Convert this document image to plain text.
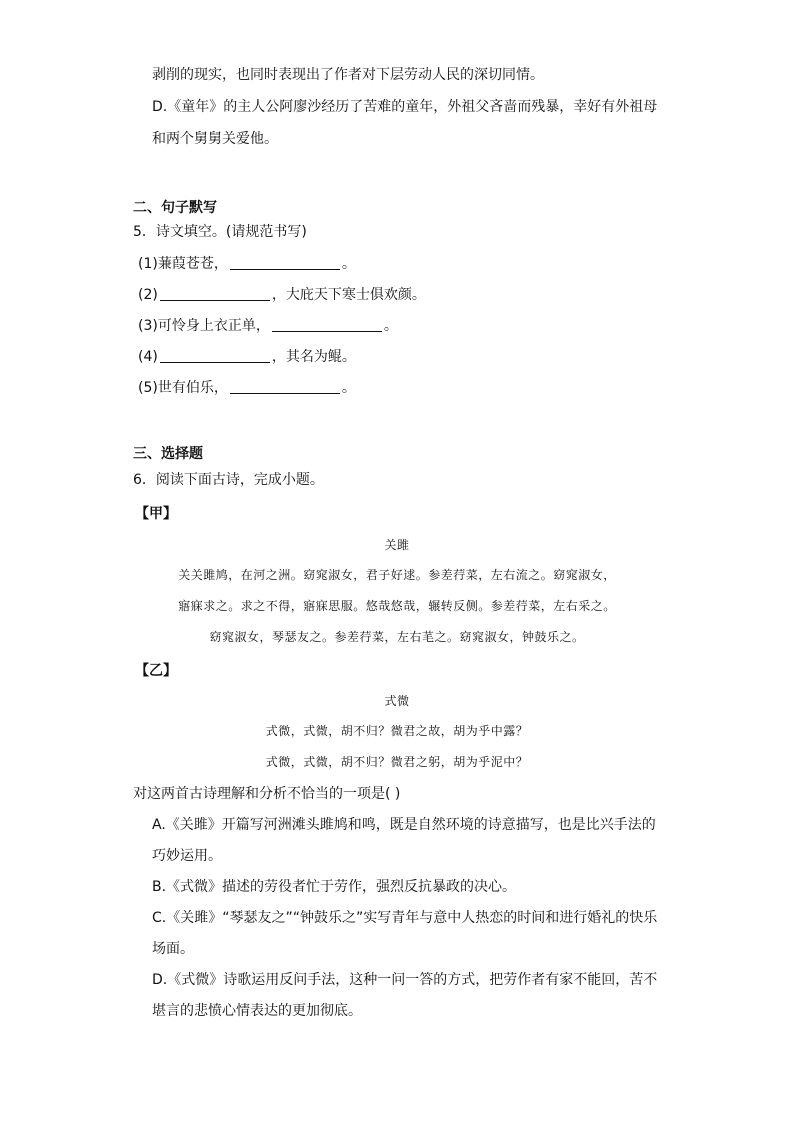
剥削的现实，也同时表现出了作者对下层劳动人民的深切同情。
D.《童年》的主人公阿廖沙经历了苦难的童年，外祖父吝啬而残暴，幸好有外祖母
和两个舅舅关爱他。
二、句子默写
5．诗文填空。(请规范书写)
(1)蒹葭苍苍，	。
(2)	，大庇天下寒士俱欢颜。
(3)可怜身上衣正单，	。
(4)	，其名为鲲。
(5)世有伯乐，	。
三、选择题
6．阅读下面古诗，完成小题。
【甲】
关雎
关关雎鸠，在河之洲。窈窕淑女，君子好逑。参差荇菜，左右流之。窈窕淑女，
寤寐求之。求之不得，寤寐思服。悠哉悠哉，辗转反侧。参差荇菜，左右采之。
窈窕淑女，琴瑟友之。参差荇菜，左右芼之。窈窕淑女，钟鼓乐之。
【乙】
式微
式微，式微，胡不归？微君之故，胡为乎中露？
式微，式微，胡不归？微君之躬，胡为乎泥中？
对这两首古诗理解和分析不恰当的一项是( )
A.《关雎》开篇写河洲滩头雎鸠和鸣，既是自然环境的诗意描写，也是比兴手法的
巧妙运用。
B.《式微》描述的劳役者忙于劳作，强烈反抗暴政的决心。
C.《关雎》“琴瑟友之”“钟鼓乐之”实写青年与意中人热恋的时间和进行婚礼的快乐
场面。
D.《式微》诗歌运用反问手法，这种一问一答的方式，把劳作者有家不能回，苦不
堪言的悲愤心情表达的更加彻底。
